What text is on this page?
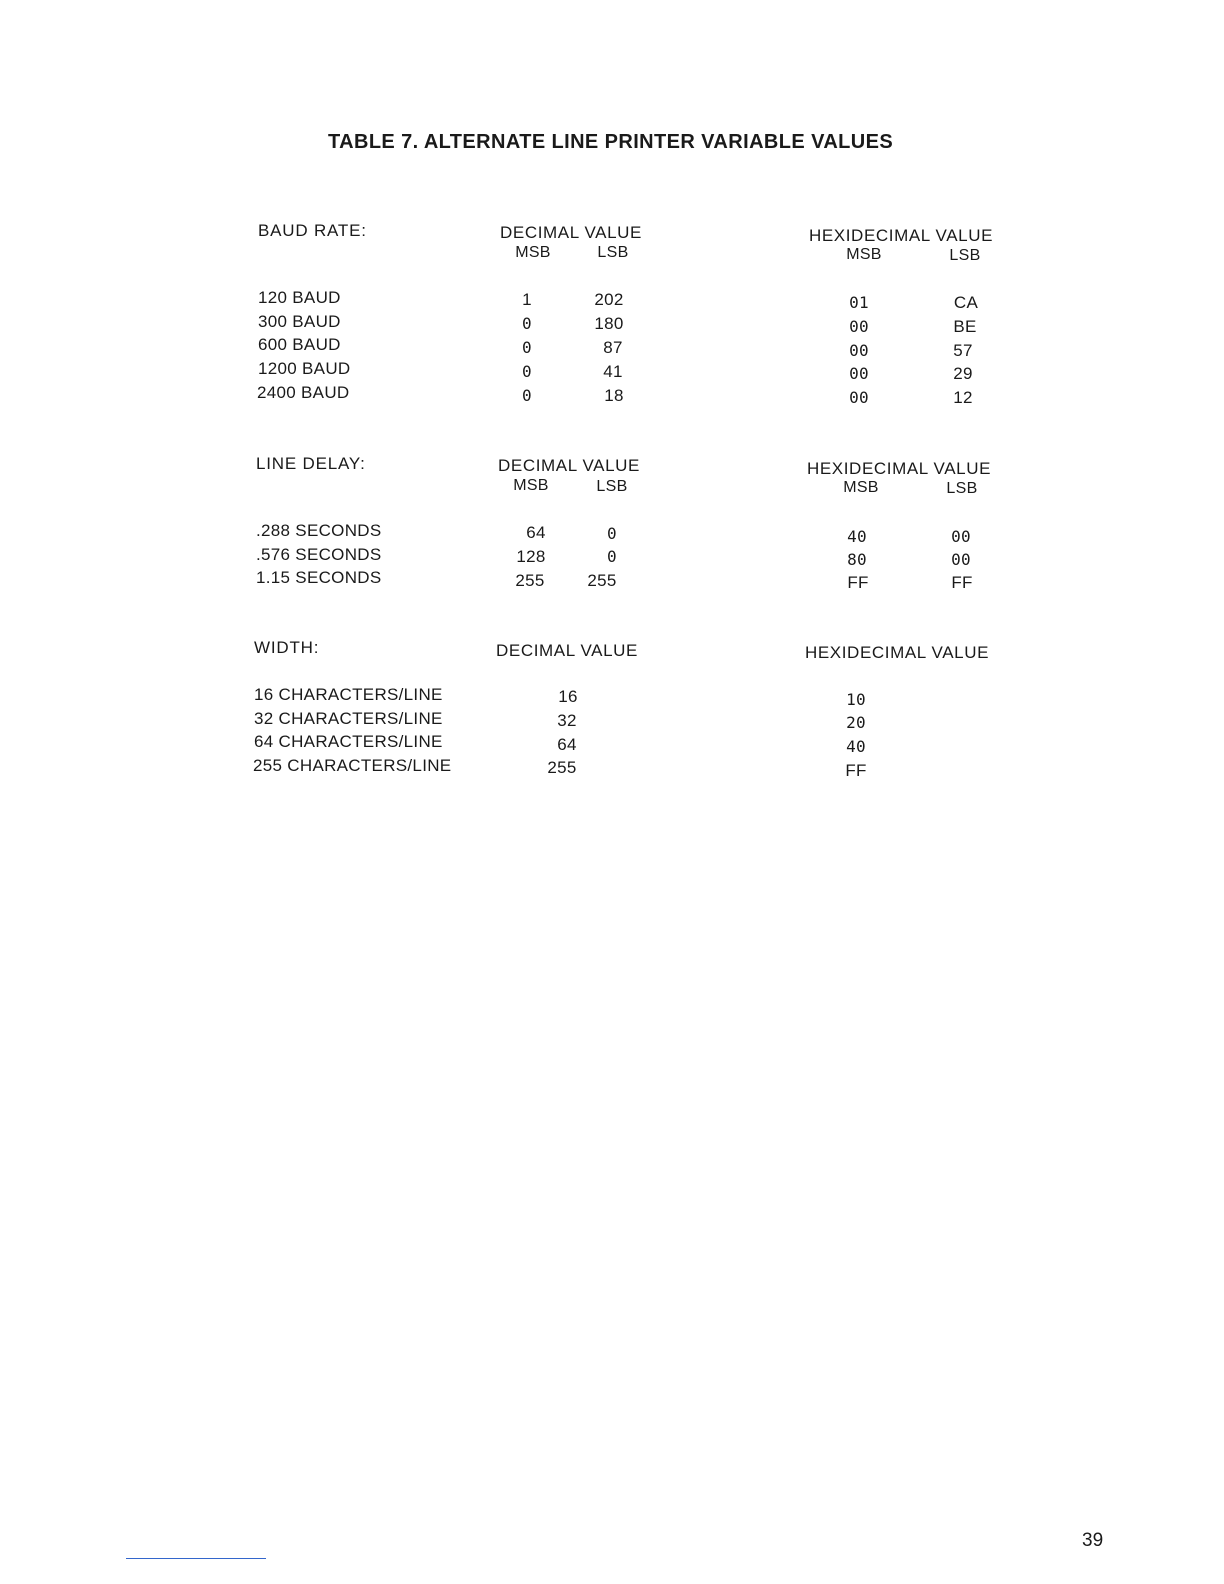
TABLE 7. ALTERNATE LINE PRINTER VARIABLE VALUES
BAUD RATE:	DECIMAL VALUE	HEXIDECIMAL VALUE
MSB	LSB	MSB	LSB
120 BAUD	1	202	01	CA
300 BAUD	0	180	00	BE
600 BAUD	0	87	00	57
1200 BAUD	0	41	00	29
2400 BAUD	0	18	00	12
LINE DELAY:	DECIMAL VALUE	HEXIDECIMAL VALUE
MSB	LSB	MSB	LSB
.288 SECONDS	64	0	40	00
.576 SECONDS	128	0	80	00
1.15 SECONDS	255	255	FF	FF
WIDTH:	DECIMAL VALUE	HEXIDECIMAL VALUE
16 CHARACTERS/LINE	16	10
32 CHARACTERS/LINE	32	20
64 CHARACTERS/LINE	64	40
255 CHARACTERS/LINE	255	FF
39
